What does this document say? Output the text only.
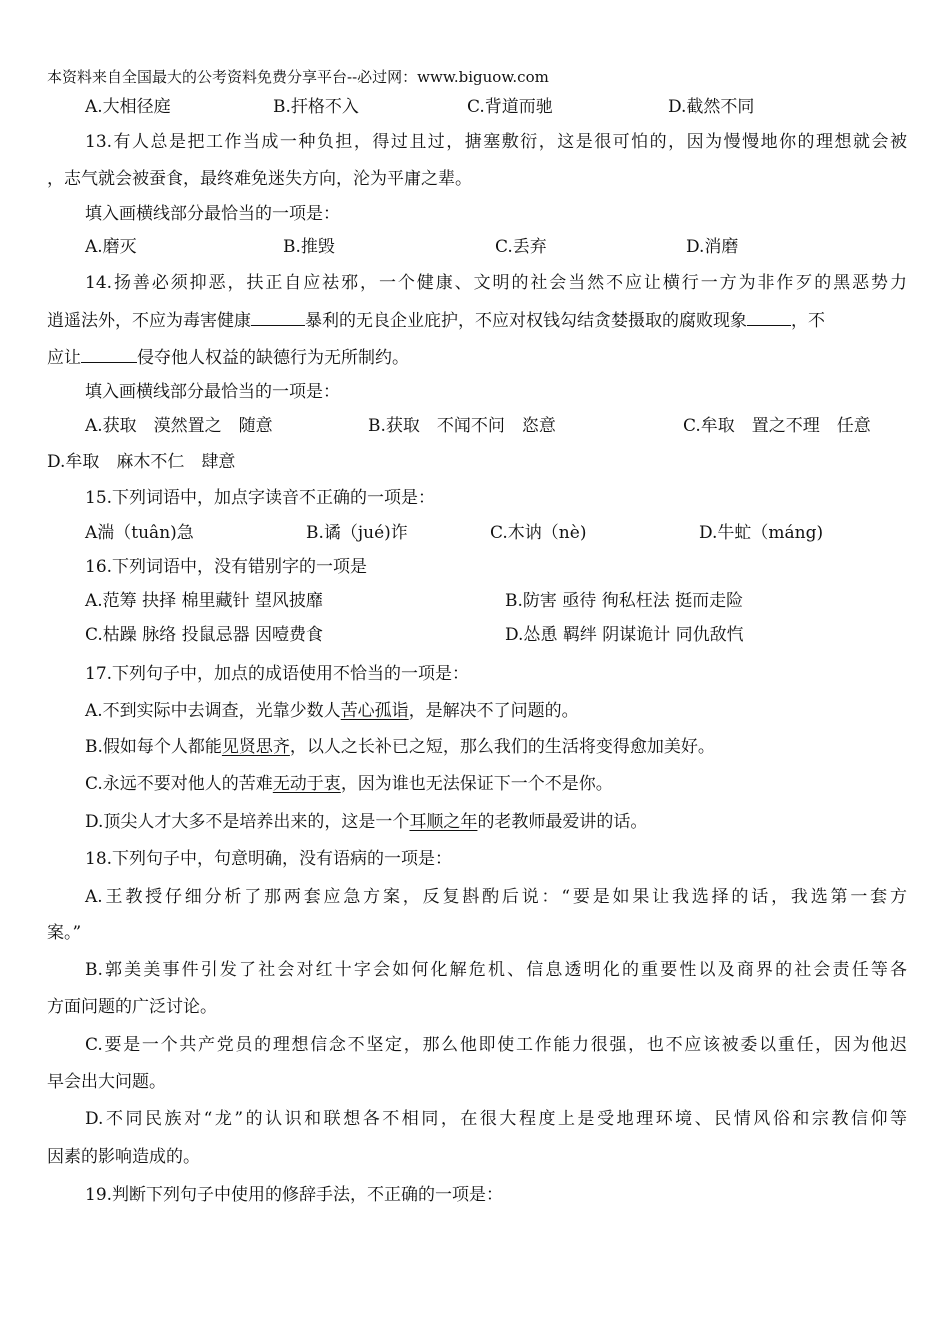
本资料来自全国最大的公考资料免费分享平台--必过网：www.biguow.com
A.大相径庭	B.扞格不入	C.背道而驰	D.截然不同
13.有人总是把工作当成一种负担，得过且过，搪塞敷衍，这是很可怕的，因为慢慢地你的理想就会被
，志气就会被蚕食，最终难免迷失方向，沦为平庸之辈。
填入画横线部分最恰当的一项是：
A.磨灭	B.推毁	C.丢弃	D.消磨
14.扬善必须抑恶，扶正自应祛邪，一个健康、文明的社会当然不应让横行一方为非作歹的黑恶势力
逍遥法外，不应为毒害健康	暴利的无良企业庇护，不应对权钱勾结贪婪摄取的腐败现象	，不
应让	侵夺他人权益的缺德行为无所制约。
填入画横线部分最恰当的一项是：
A.获取　漠然置之　随意	B.获取　不闻不问　恣意	C.牟取　置之不理　任意
D.牟取　麻木不仁　肆意
15.下列词语中，加点字读音不正确的一项是：
A湍（tuân)急	B.谲（jué)诈	C.木讷（nè)	D.牛虻（máng)
16.下列词语中，没有错别字的一项是
A.范筹 抉择 棉里藏针 望风披靡	B.防害 亟待 徇私枉法 挺而走险
C.枯躁 脉络 投鼠忌器 因噎费食	D.怂恿 羁绊 阴谋诡计 同仇敌忾
17.下列句子中，加点的成语使用不恰当的一项是：
A.不到实际中去调查，光靠少数人苦心孤诣，是解决不了问题的。
B.假如每个人都能见贤思齐，以人之长补已之短，那么我们的生活将变得愈加美好。
C.永远不要对他人的苦难无动于衷，因为谁也无法保证下一个不是你。
D.顶尖人才大多不是培养出来的，这是一个耳顺之年的老教师最爱讲的话。
18.下列句子中，句意明确，没有语病的一项是：
A.王教授仔细分析了那两套应急方案，反复斟酌后说：“要是如果让我选择的话，我选第一套方
案。”
B.郭美美事件引发了社会对红十字会如何化解危机、信息透明化的重要性以及商界的社会责任等各
方面问题的广泛讨论。
C.要是一个共产党员的理想信念不坚定，那么他即使工作能力很强，也不应该被委以重任，因为他迟
早会出大问题。
D.不同民族对“龙”的认识和联想各不相同，在很大程度上是受地理环境、民情风俗和宗教信仰等
因素的影响造成的。
19.判断下列句子中使用的修辞手法，不正确的一项是：
